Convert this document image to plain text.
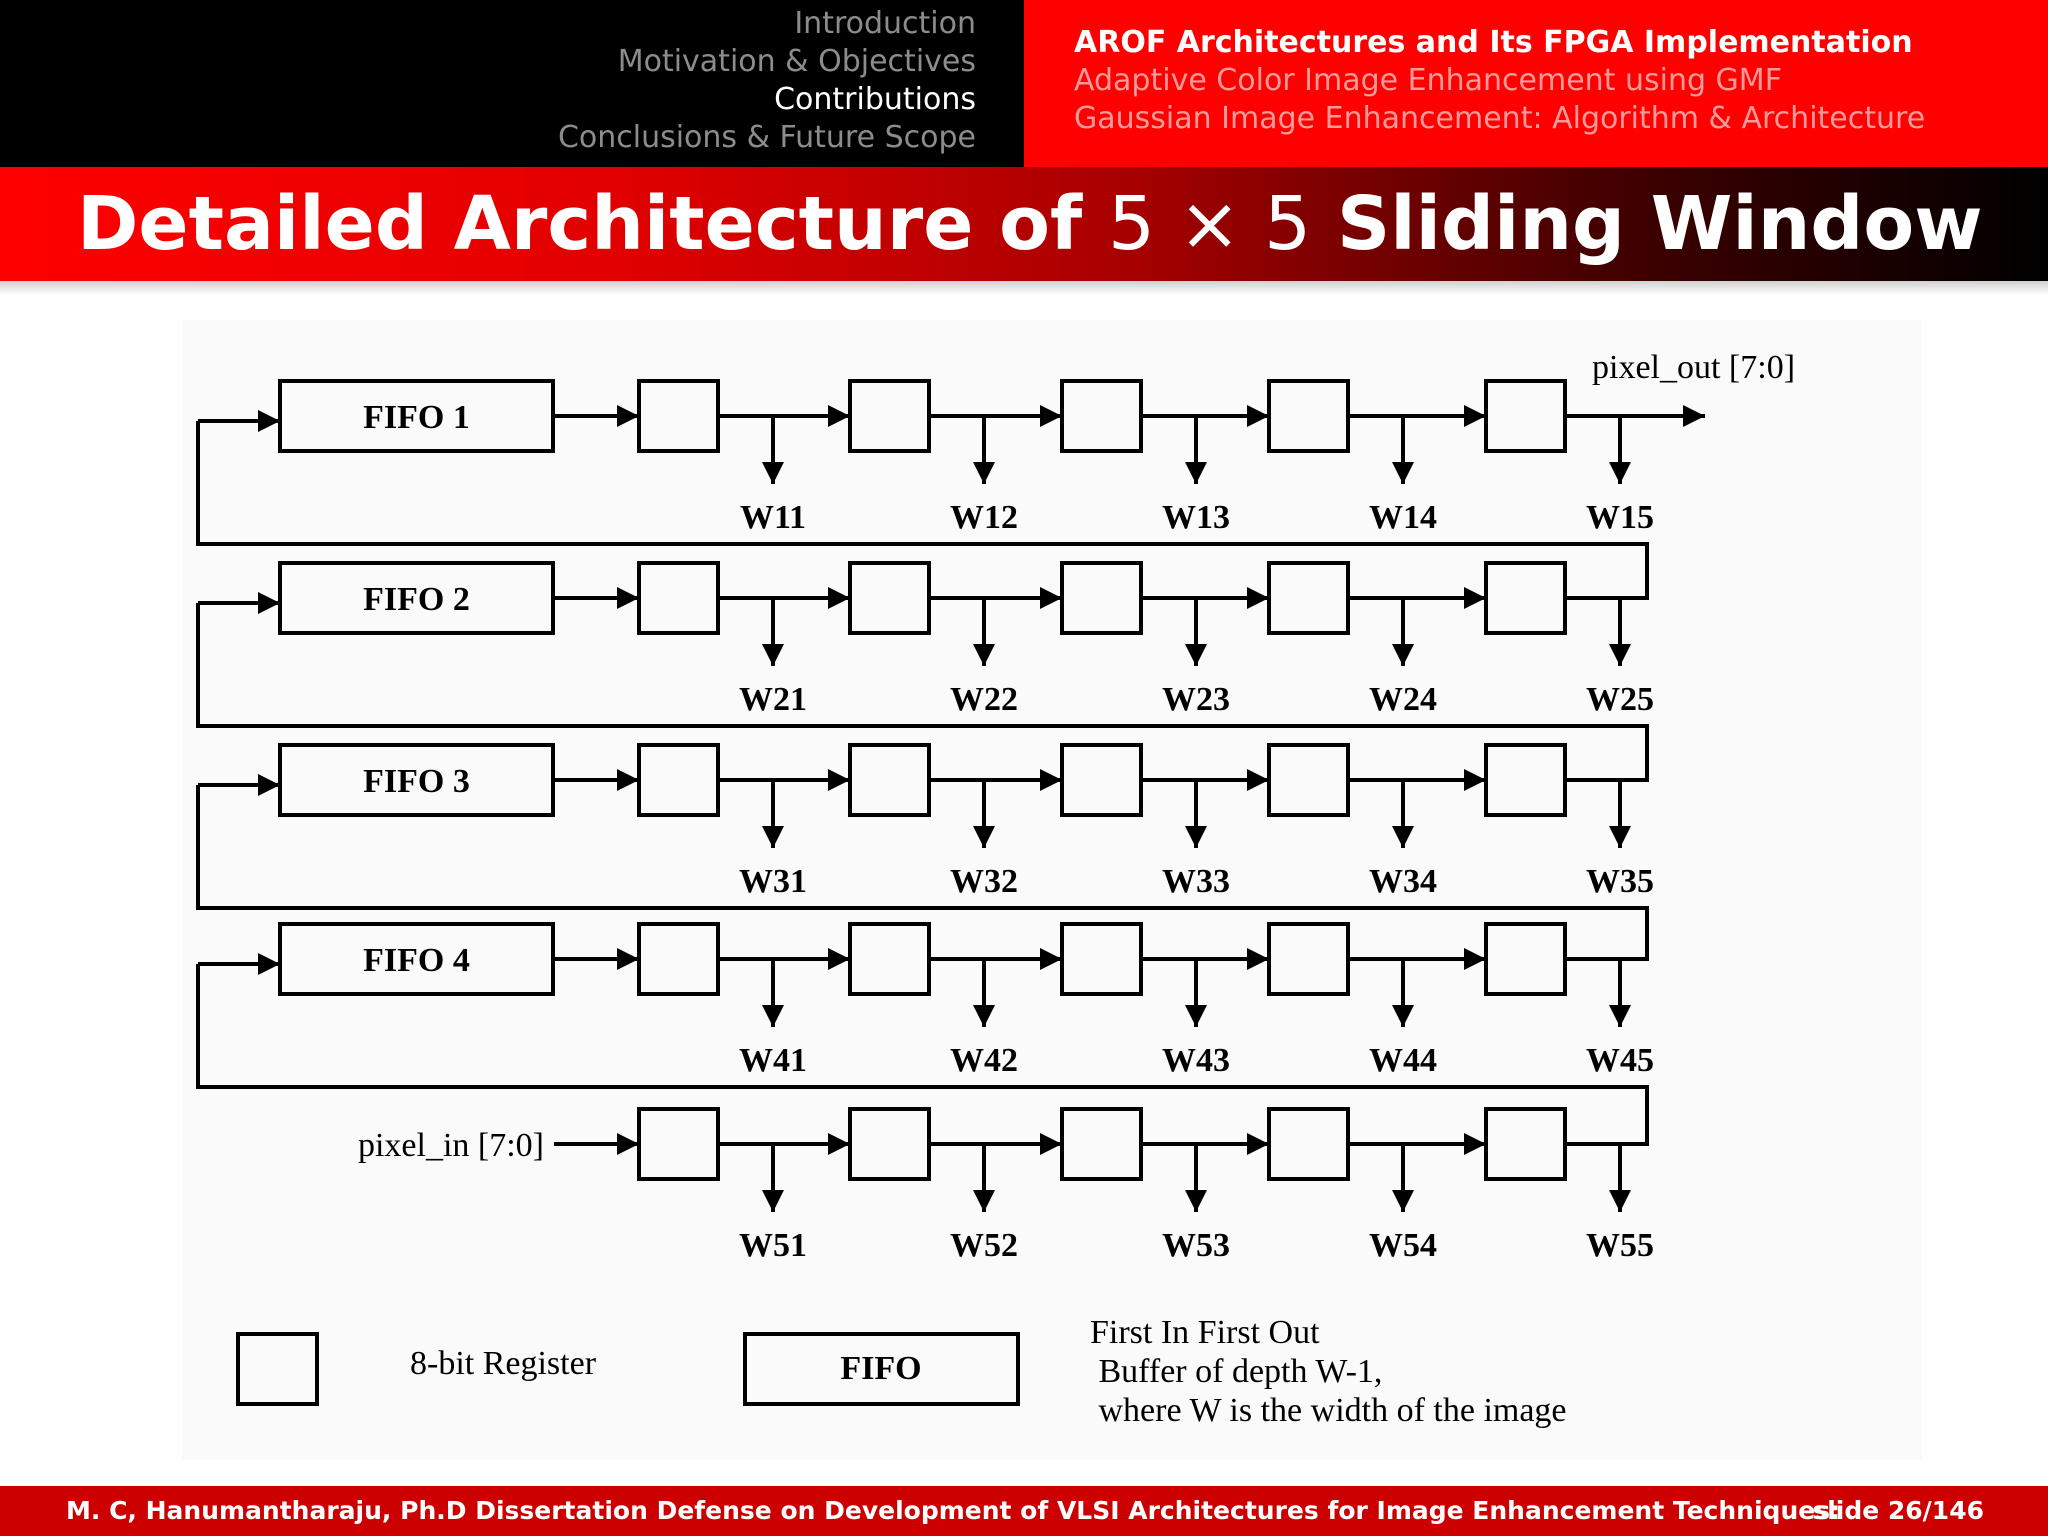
Introduction
Motivation & Objectives
Contributions
Conclusions & Future Scope
AROF Architectures and Its FPGA Implementation
Adaptive Color Image Enhancement using GMF
Gaussian Image Enhancement: Algorithm & Architecture
Detailed Architecture of 5 × 5 Sliding Window
FIFO 1
W11	W12	W13	W14	W15
FIFO 2
W21	W22	W23	W24	W25
FIFO 3
W31	W32	W33	W34	W35
FIFO 4
W41	W42	W43	W44	W45
pixel_in [7:0]
W51	W52	W53	W54	W55
pixel_out [7:0]
8-bit Register	FIFO
First In First Out
Buffer of depth W-1,
where W is the width of the image
M. C, Hanumantharaju, Ph.D Dissertation Defense on Development of VLSI Architectures for Image Enhancement Techniques:
slide 26/146
